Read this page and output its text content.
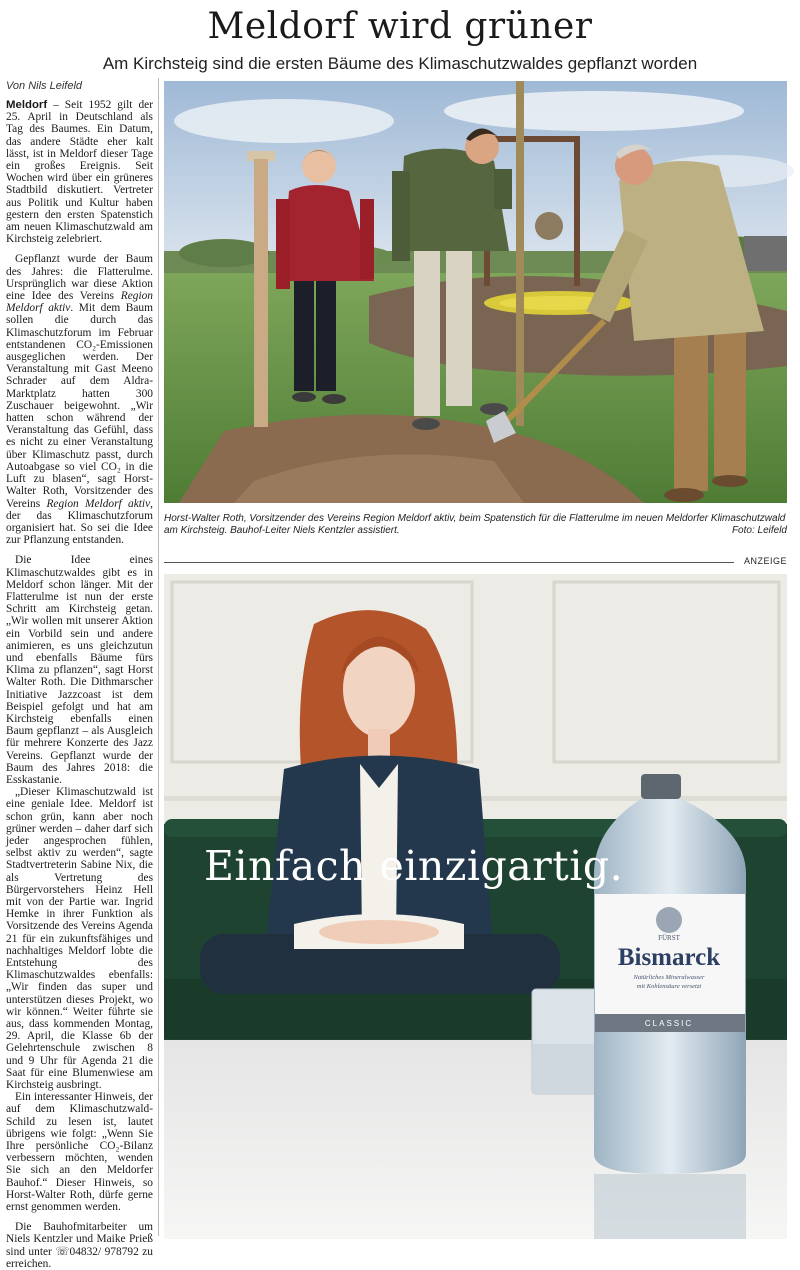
Meldorf wird grüner
Am Kirchsteig sind die ersten Bäume des Klimaschutzwaldes gepflanzt worden
Von Nils Leifeld

Meldorf – Seit 1952 gilt der 25. April in Deutschland als Tag des Baumes. Ein Datum, das andere Städte eher kalt lässt, ist in Meldorf dieser Tage ein großes Ereignis. Seit Wochen wird über ein grüneres Stadtbild diskutiert. Vertreter aus Politik und Kultur haben gestern den ersten Spatenstich am neuen Klimaschutzwald am Kirchsteig zelebriert.

Gepflanzt wurde der Baum des Jahres: die Flatterulme. Ursprünglich war diese Aktion eine Idee des Vereins Region Meldorf aktiv. Mit dem Baum sollen die durch das Klimaschutzforum im Februar entstandenen CO₂-Emissionen ausgeglichen werden. Der Veranstaltung mit Gast Meeno Schrader auf dem Aldra-Marktplatz hatten 300 Zuschauer beigewohnt. „Wir hatten schon während der Veranstaltung das Gefühl, dass es nicht zu einer Veranstaltung über Klimaschutz passt, durch Autoabgase so viel CO₂ in die Luft zu blasen“, sagt Horst-Walter Roth, Vorsitzender des Vereins Region Meldorf aktiv, der das Klimaschutzforum organisiert hat. So sei die Idee zur Pflanzung entstanden.

Die Idee eines Klimaschutzwaldes gibt es in Meldorf schon länger. Mit der Flatterulme ist nun der erste Schritt am Kirchsteig getan. „Wir wollen mit unserer Aktion ein Vorbild sein und andere animieren, es uns gleichzutun und ebenfalls Bäume fürs Klima zu pflanzen“, sagt Horst Walter Roth. Die Dithmarscher Initiative Jazzcoast ist dem Beispiel gefolgt und hat am Kirchsteig ebenfalls einen Baum gepflanzt – als Ausgleich für mehrere Konzerte des Jazz Vereins. Gepflanzt wurde der Baum des Jahres 2018: die Esskastanie.

„Dieser Klimaschutzwald ist eine geniale Idee. Meldorf ist schon grün, kann aber noch grüner werden – daher darf sich jeder angesprochen fühlen, selbst aktiv zu werden“, sagte Stadtvertreterin Sabine Nix, die als Vertretung des Bürgervorstehers Heinz Hell mit von der Partie war. Ingrid Hemke in ihrer Funktion als Vorsitzende des Vereins Agenda 21 für ein zukunftsfähiges und nachhaltiges Meldorf lobte die Entstehung des Klimaschutzwaldes ebenfalls: „Wir finden das super und unterstützen dieses Projekt, wo wir können.“ Weiter führte sie aus, dass kommenden Montag, 29. April, die Klasse 6b der Gelehrtenschule zwischen 8 und 9 Uhr für Agenda 21 die Saat für eine Blumenwiese am Kirchsteig ausbringt.

Ein interessanter Hinweis, der auf dem Klimaschutzwald-Schild zu lesen ist, lautet übrigens wie folgt: „Wenn Sie Ihre persönliche CO₂-Bilanz verbessern möchten, wenden Sie sich an den Meldorfer Bauhof.“ Dieser Hinweis, so Horst-Walter Roth, dürfe gerne ernst genommen werden.

Die Bauhofmitarbeiter um Niels Kentzler und Maike Prieß sind unter ☏04832/ 978792 zu erreichen.

Horst-Walter Roth, Vorsitzender des Vereins Region Meldorf aktiv, beim Spatenstich für die Flatterulme im neuen Meldorfer Klimaschutzwald am Kirchsteig. Bauhof-Leiter Niels Kentzler assistiert.	Foto: Leifeld
ANZEIGE
FÜRST
Bismarck
Natürliches Mineralwasser
mit Kohlensäure versetzt
CLASSIC
Einfach einzigartig.
